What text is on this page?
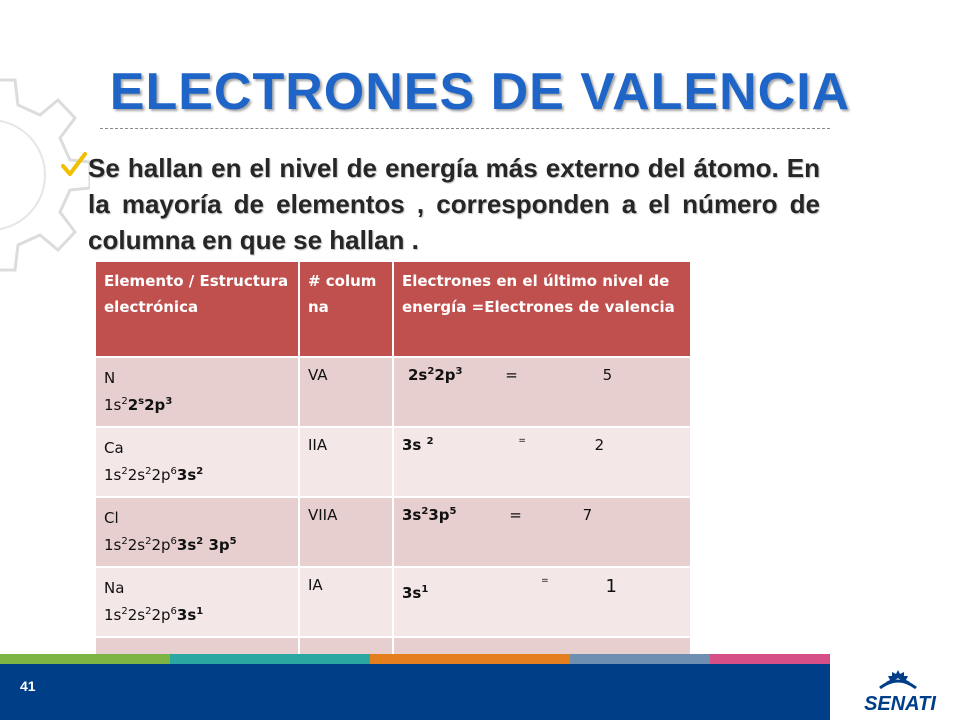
ELECTRONES DE VALENCIA
Se hallan en el nivel de energía más externo del átomo. En la mayoría de elementos , corresponden a el número de columna en que se hallan .
Elemento / Estructura electrónica	# colum na	Electrones en el último nivel de energía =Electrones de valencia

N
$1s^22^s2p^3$	VA	$2s^22p^3 = 5$

Ca
$1s^22s^22p^63s^2$	IIA	3s $^2$ = 2

Cl
$1s^22s^22p^63s^2$ $3p^5$	VIIA	$3s^23p^5 = 7$

Na
$1s^22s^22p^63s^1$	IA	$3s^1 = 1$

41
SENATI
